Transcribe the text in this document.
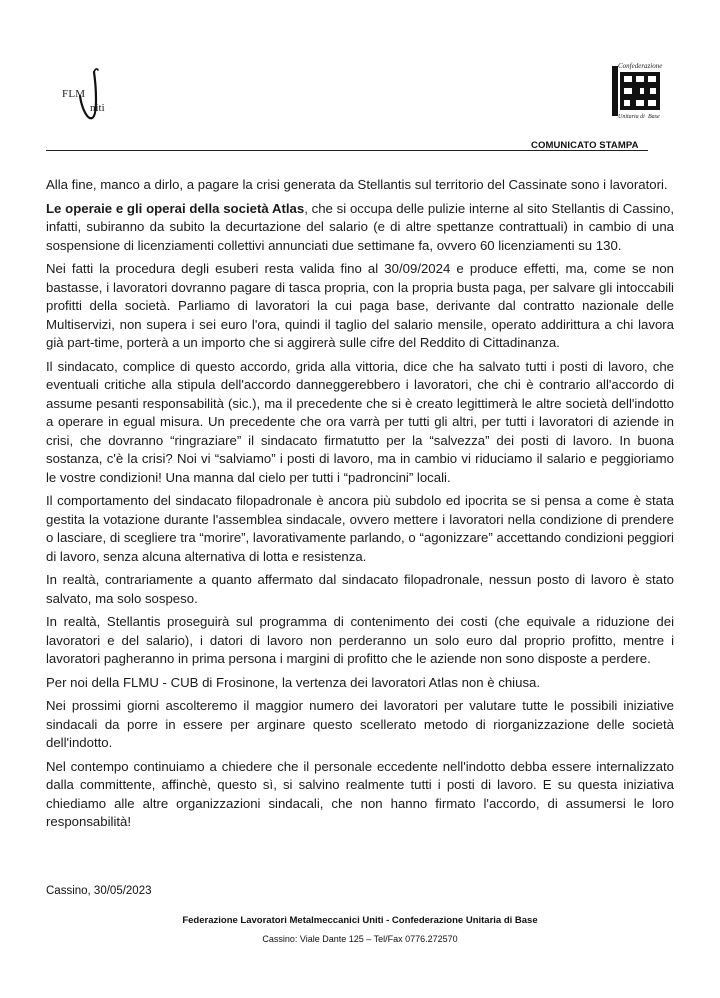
FLM
niti
Confederazione
Unitaria di Base
COMUNICATO STAMPA

Alla fine, manco a dirlo, a pagare la crisi generata da Stellantis sul territorio del Cassinate sono i lavoratori.

Le operaie e gli operai della società Atlas, che si occupa delle pulizie interne al sito Stellantis di Cassino, infatti, subiranno da subito la decurtazione del salario (e di altre spettanze contrattuali) in cambio di una sospensione di licenziamenti collettivi annunciati due settimane fa, ovvero 60 licenziamenti su 130.

Nei fatti la procedura degli esuberi resta valida fino al 30/09/2024 e produce effetti, ma, come se non bastasse, i lavoratori dovranno pagare di tasca propria, con la propria busta paga, per salvare gli intoccabili profitti della società. Parliamo di lavoratori la cui paga base, derivante dal contratto nazionale delle Multiservizi, non supera i sei euro l'ora, quindi il taglio del salario mensile, operato addirittura a chi lavora già part-time, porterà a un importo che si aggirerà sulle cifre del Reddito di Cittadinanza.

Il sindacato, complice di questo accordo, grida alla vittoria, dice che ha salvato tutti i posti di lavoro, che eventuali critiche alla stipula dell'accordo danneggerebbero i lavoratori, che chi è contrario all'accordo di assume pesanti responsabilità (sic.), ma il precedente che si è creato legittimerà le altre società dell'indotto a operare in egual misura. Un precedente che ora varrà per tutti gli altri, per tutti i lavoratori di aziende in crisi, che dovranno “ringraziare” il sindacato firmatutto per la “salvezza” dei posti di lavoro. In buona sostanza, c'è la crisi? Noi vi “salviamo” i posti di lavoro, ma in cambio vi riduciamo il salario e peggioriamo le vostre condizioni! Una manna dal cielo per tutti i “padroncini” locali.

Il comportamento del sindacato filopadronale è ancora più subdolo ed ipocrita se si pensa a come è stata gestita la votazione durante l'assemblea sindacale, ovvero mettere i lavoratori nella condizione di prendere o lasciare, di scegliere tra “morire”, lavorativamente parlando, o “agonizzare” accettando condizioni peggiori di lavoro, senza alcuna alternativa di lotta e resistenza.

In realtà, contrariamente a quanto affermato dal sindacato filopadronale, nessun posto di lavoro è stato salvato, ma solo sospeso.

In realtà, Stellantis proseguirà sul programma di contenimento dei costi (che equivale a riduzione dei lavoratori e del salario), i datori di lavoro non perderanno un solo euro dal proprio profitto, mentre i lavoratori pagheranno in prima persona i margini di profitto che le aziende non sono disposte a perdere.

Per noi della FLMU - CUB di Frosinone, la vertenza dei lavoratori Atlas non è chiusa.

Nei prossimi giorni ascolteremo il maggior numero dei lavoratori per valutare tutte le possibili iniziative sindacali da porre in essere per arginare questo scellerato metodo di riorganizzazione delle società dell'indotto.

Nel contempo continuiamo a chiedere che il personale eccedente nell'indotto debba essere internalizzato dalla committente, affinchè, questo sì, si salvino realmente tutti i posti di lavoro. E su questa iniziativa chiediamo alle altre organizzazioni sindacali, che non hanno firmato l'accordo, di assumersi le loro responsabilità!

Cassino, 30/05/2023
Federazione Lavoratori Metalmeccanici Uniti - Confederazione Unitaria di Base
Cassino: Viale Dante 125 – Tel/Fax 0776.272570
